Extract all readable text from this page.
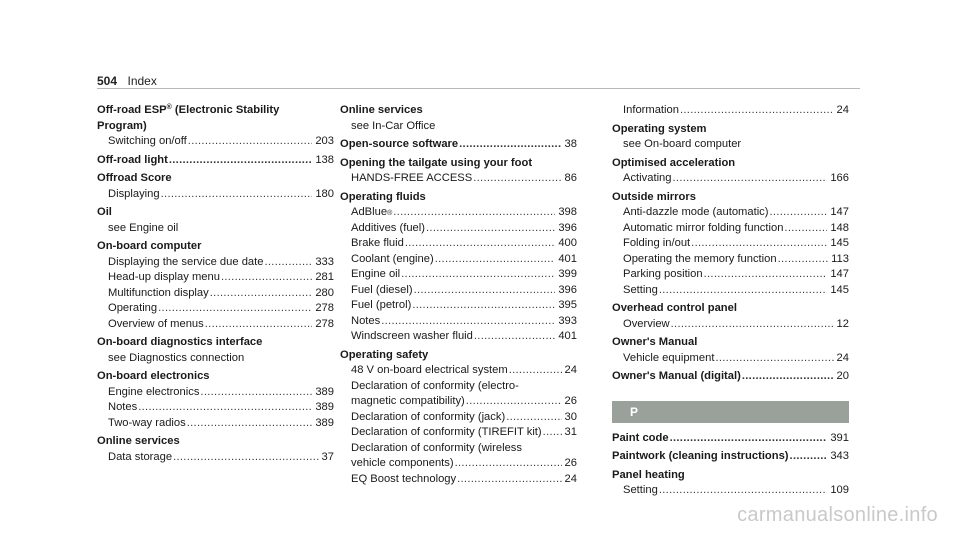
504 Index
Off-road ESP® (Electronic Stability
Program)
Switching on/off .....	203
Off-road light .....	138
Offroad Score
Displaying .....	180
Oil
see Engine oil
On-board computer
Displaying the service due date .....	333
Head-up display menu .....	281
Multifunction display .....	280
Operating .....	278
Overview of menus .....	278
On-board diagnostics interface
see Diagnostics connection
On-board electronics
Engine electronics .....	389
Notes .....	389
Two-way radios .....	389
Online services
Data storage .....	37
Online services
see In-Car Office
Open-source software .....	38
Opening the tailgate using your foot
HANDS-FREE ACCESS .....	86
Operating fluids
AdBlue ® .....	398
Additives (fuel) .....	396
Brake fluid .....	400
Coolant (engine) .....	401
Engine oil .....	399
Fuel (diesel) .....	396
Fuel (petrol) .....	395
Notes .....	393
Windscreen washer fluid .....	401
Operating safety
48 V on-board electrical system .....	24
Declaration of conformity (electro-
magnetic compatibility) .....	26
Declaration of conformity (jack) .....	30
Declaration of conformity (TIREFIT kit) ..... 31
Declaration of conformity (wireless
vehicle components) .....	26
EQ Boost technology .....	24
Information .....	24
Operating system
see On-board computer
Optimised acceleration
Activating .....	166
Outside mirrors
Anti-dazzle mode (automatic) .....	147
Automatic mirror folding function .....	148
Folding in/out .....	145
Operating the memory function .....	113
Parking position .....	147
Setting .....	145
Overhead control panel
Overview .....	12
Owner's Manual
Vehicle equipment .....	24
Owner's Manual (digital) .....	20
P
Paint code .....	391
Paintwork (cleaning instructions) .....	343
Panel heating
Setting .....	109
carmanualsonline.info
